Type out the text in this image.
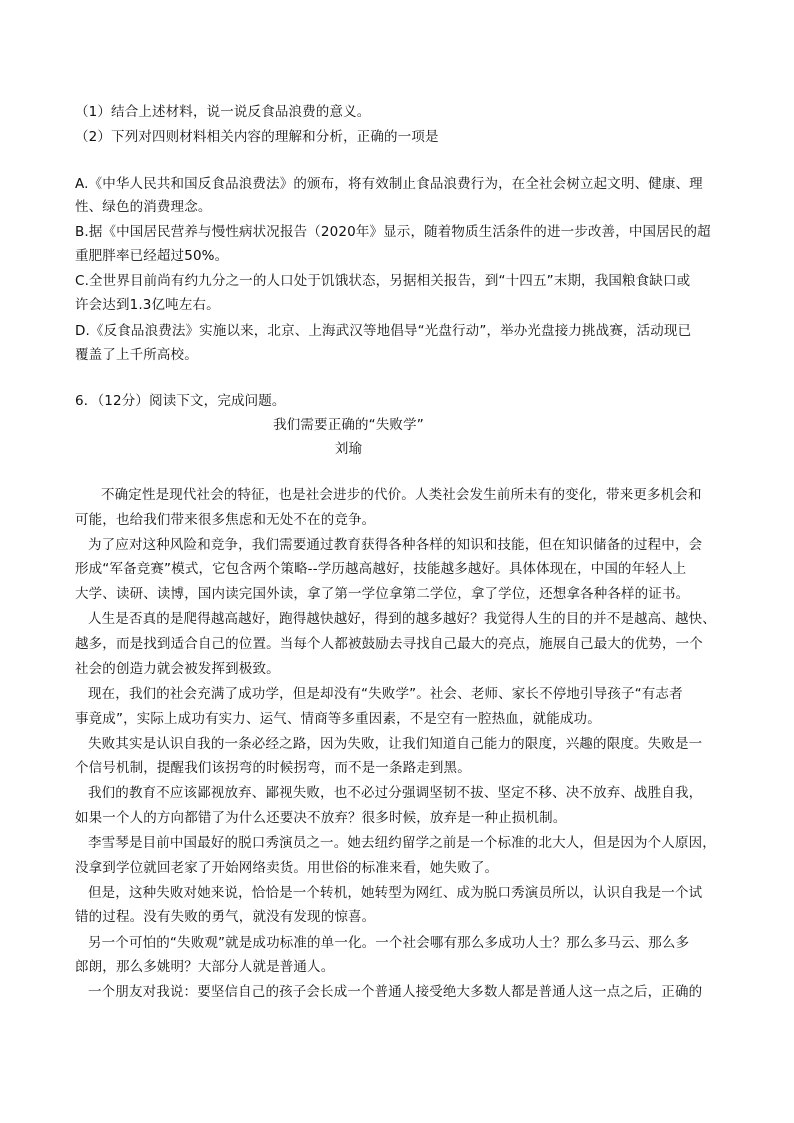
（1）结合上述材料，说一说反食品浪费的意义。
（2）下列对四则材料相关内容的理解和分析，正确的一项是
A.《中华人民共和国反食品浪费法》的颁布，将有效制止食品浪费行为，在全社会树立起文明、健康、理
性、绿色的消费理念。
B.据《中国居民营养与慢性病状况报告（2020年》显示，随着物质生活条件的进一步改善，中国居民的超
重肥胖率已经超过50%。
C.全世界目前尚有约九分之一的人口处于饥饿状态，另据相关报告，到“十四五”末期，我国粮食缺口或
许会达到1.3亿吨左右。
D.《反食品浪费法》实施以来，北京、上海武汉等地倡导“光盘行动”，举办光盘接力挑战赛，活动现已
覆盖了上千所高校。
6．（12分）阅读下文，完成问题。
我们需要正确的“失败学”
刘瑜
不确定性是现代社会的特征，也是社会进步的代价。人类社会发生前所未有的变化，带来更多机会和
可能，也给我们带来很多焦虑和无处不在的竞争。
为了应对这种风险和竞争，我们需要通过教育获得各种各样的知识和技能，但在知识储备的过程中，会
形成“军备竞赛”模式，它包含两个策略--学历越高越好，技能越多越好。具体体现在，中国的年轻人上
大学、读研、读博，国内读完国外读，拿了第一学位拿第二学位，拿了学位，还想拿各种各样的证书。
人生是否真的是爬得越高越好，跑得越快越好，得到的越多越好？我觉得人生的目的并不是越高、越快、
越多，而是找到适合自己的位置。当每个人都被鼓励去寻找自己最大的亮点，施展自己最大的优势，一个
社会的创造力就会被发挥到极致。
现在，我们的社会充满了成功学，但是却没有“失败学”。社会、老师、家长不停地引导孩子“有志者
事竟成”，实际上成功有实力、运气、情商等多重因素，不是空有一腔热血，就能成功。
失败其实是认识自我的一条必经之路，因为失败，让我们知道自己能力的限度，兴趣的限度。失败是一
个信号机制，提醒我们该拐弯的时候拐弯，而不是一条路走到黑。
我们的教育不应该鄙视放弃、鄙视失败，也不必过分强调坚韧不拔、坚定不移、决不放弃、战胜自我，
如果一个人的方向都错了为什么还要决不放弃？很多时候，放弃是一种止损机制。
李雪琴是目前中国最好的脱口秀演员之一。她去纽约留学之前是一个标准的北大人，但是因为个人原因，
没拿到学位就回老家了开始网络卖货。用世俗的标准来看，她失败了。
但是，这种失败对她来说，恰恰是一个转机，她转型为网红、成为脱口秀演员所以，认识自我是一个试
错的过程。没有失败的勇气，就没有发现的惊喜。
另一个可怕的“失败观”就是成功标准的单一化。一个社会哪有那么多成功人士？那么多马云、那么多
郎朗，那么多姚明？大部分人就是普通人。
一个朋友对我说：要坚信自己的孩子会长成一个普通人接受绝大多数人都是普通人这一点之后，正确的
